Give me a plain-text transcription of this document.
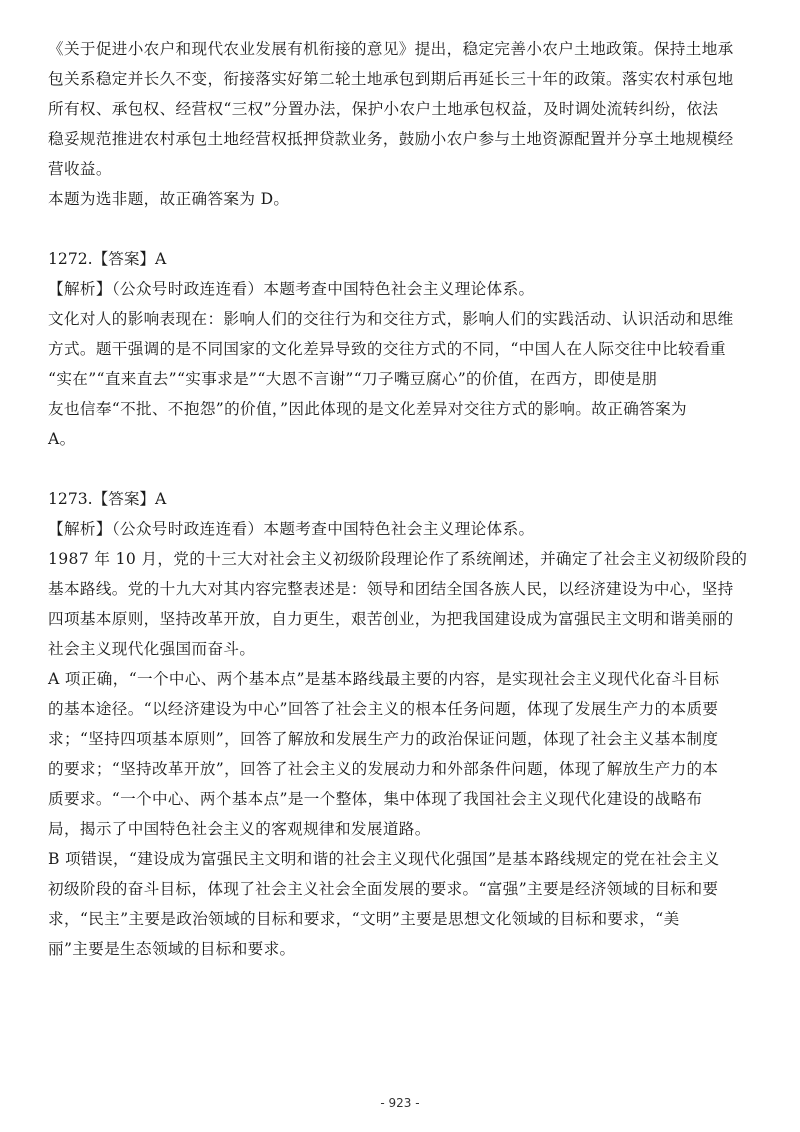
《关于促进小农户和现代农业发展有机衔接的意见》提出，稳定完善小农户土地政策。保持土地承
包关系稳定并长久不变，衔接落实好第二轮土地承包到期后再延长三十年的政策。落实农村承包地
所有权、承包权、经营权“三权”分置办法，保护小农户土地承包权益，及时调处流转纠纷，依法
稳妥规范推进农村承包土地经营权抵押贷款业务，鼓励小农户参与土地资源配置并分享土地规模经
营收益。
本题为选非题，故正确答案为 D。
1272.【答案】A
【解析】（公众号时政连连看）本题考查中国特色社会主义理论体系。
文化对人的影响表现在：影响人们的交往行为和交往方式，影响人们的实践活动、认识活动和思维
方式。题干强调的是不同国家的文化差异导致的交往方式的不同，“中国人在人际交往中比较看重
“实在”“直来直去”“实事求是”“大恩不言谢”“刀子嘴豆腐心”的价值，在西方，即使是朋
友也信奉“不批、不抱怨”的价值，”因此体现的是文化差异对交往方式的影响。故正确答案为
A。
1273.【答案】A
【解析】（公众号时政连连看）本题考查中国特色社会主义理论体系。
1987 年 10 月，党的十三大对社会主义初级阶段理论作了系统阐述，并确定了社会主义初级阶段的
基本路线。党的十九大对其内容完整表述是：领导和团结全国各族人民，以经济建设为中心，坚持
四项基本原则，坚持改革开放，自力更生，艰苦创业，为把我国建设成为富强民主文明和谐美丽的
社会主义现代化强国而奋斗。
A 项正确，“一个中心、两个基本点”是基本路线最主要的内容，是实现社会主义现代化奋斗目标
的基本途径。“以经济建设为中心”回答了社会主义的根本任务问题，体现了发展生产力的本质要
求；“坚持四项基本原则”，回答了解放和发展生产力的政治保证问题，体现了社会主义基本制度
的要求；“坚持改革开放”，回答了社会主义的发展动力和外部条件问题，体现了解放生产力的本
质要求。“一个中心、两个基本点”是一个整体，集中体现了我国社会主义现代化建设的战略布
局，揭示了中国特色社会主义的客观规律和发展道路。
B 项错误，“建设成为富强民主文明和谐的社会主义现代化强国”是基本路线规定的党在社会主义
初级阶段的奋斗目标，体现了社会主义社会全面发展的要求。“富强”主要是经济领域的目标和要
求，“民主”主要是政治领域的目标和要求，“文明”主要是思想文化领域的目标和要求，“美
丽”主要是生态领域的目标和要求。
- 923 -
